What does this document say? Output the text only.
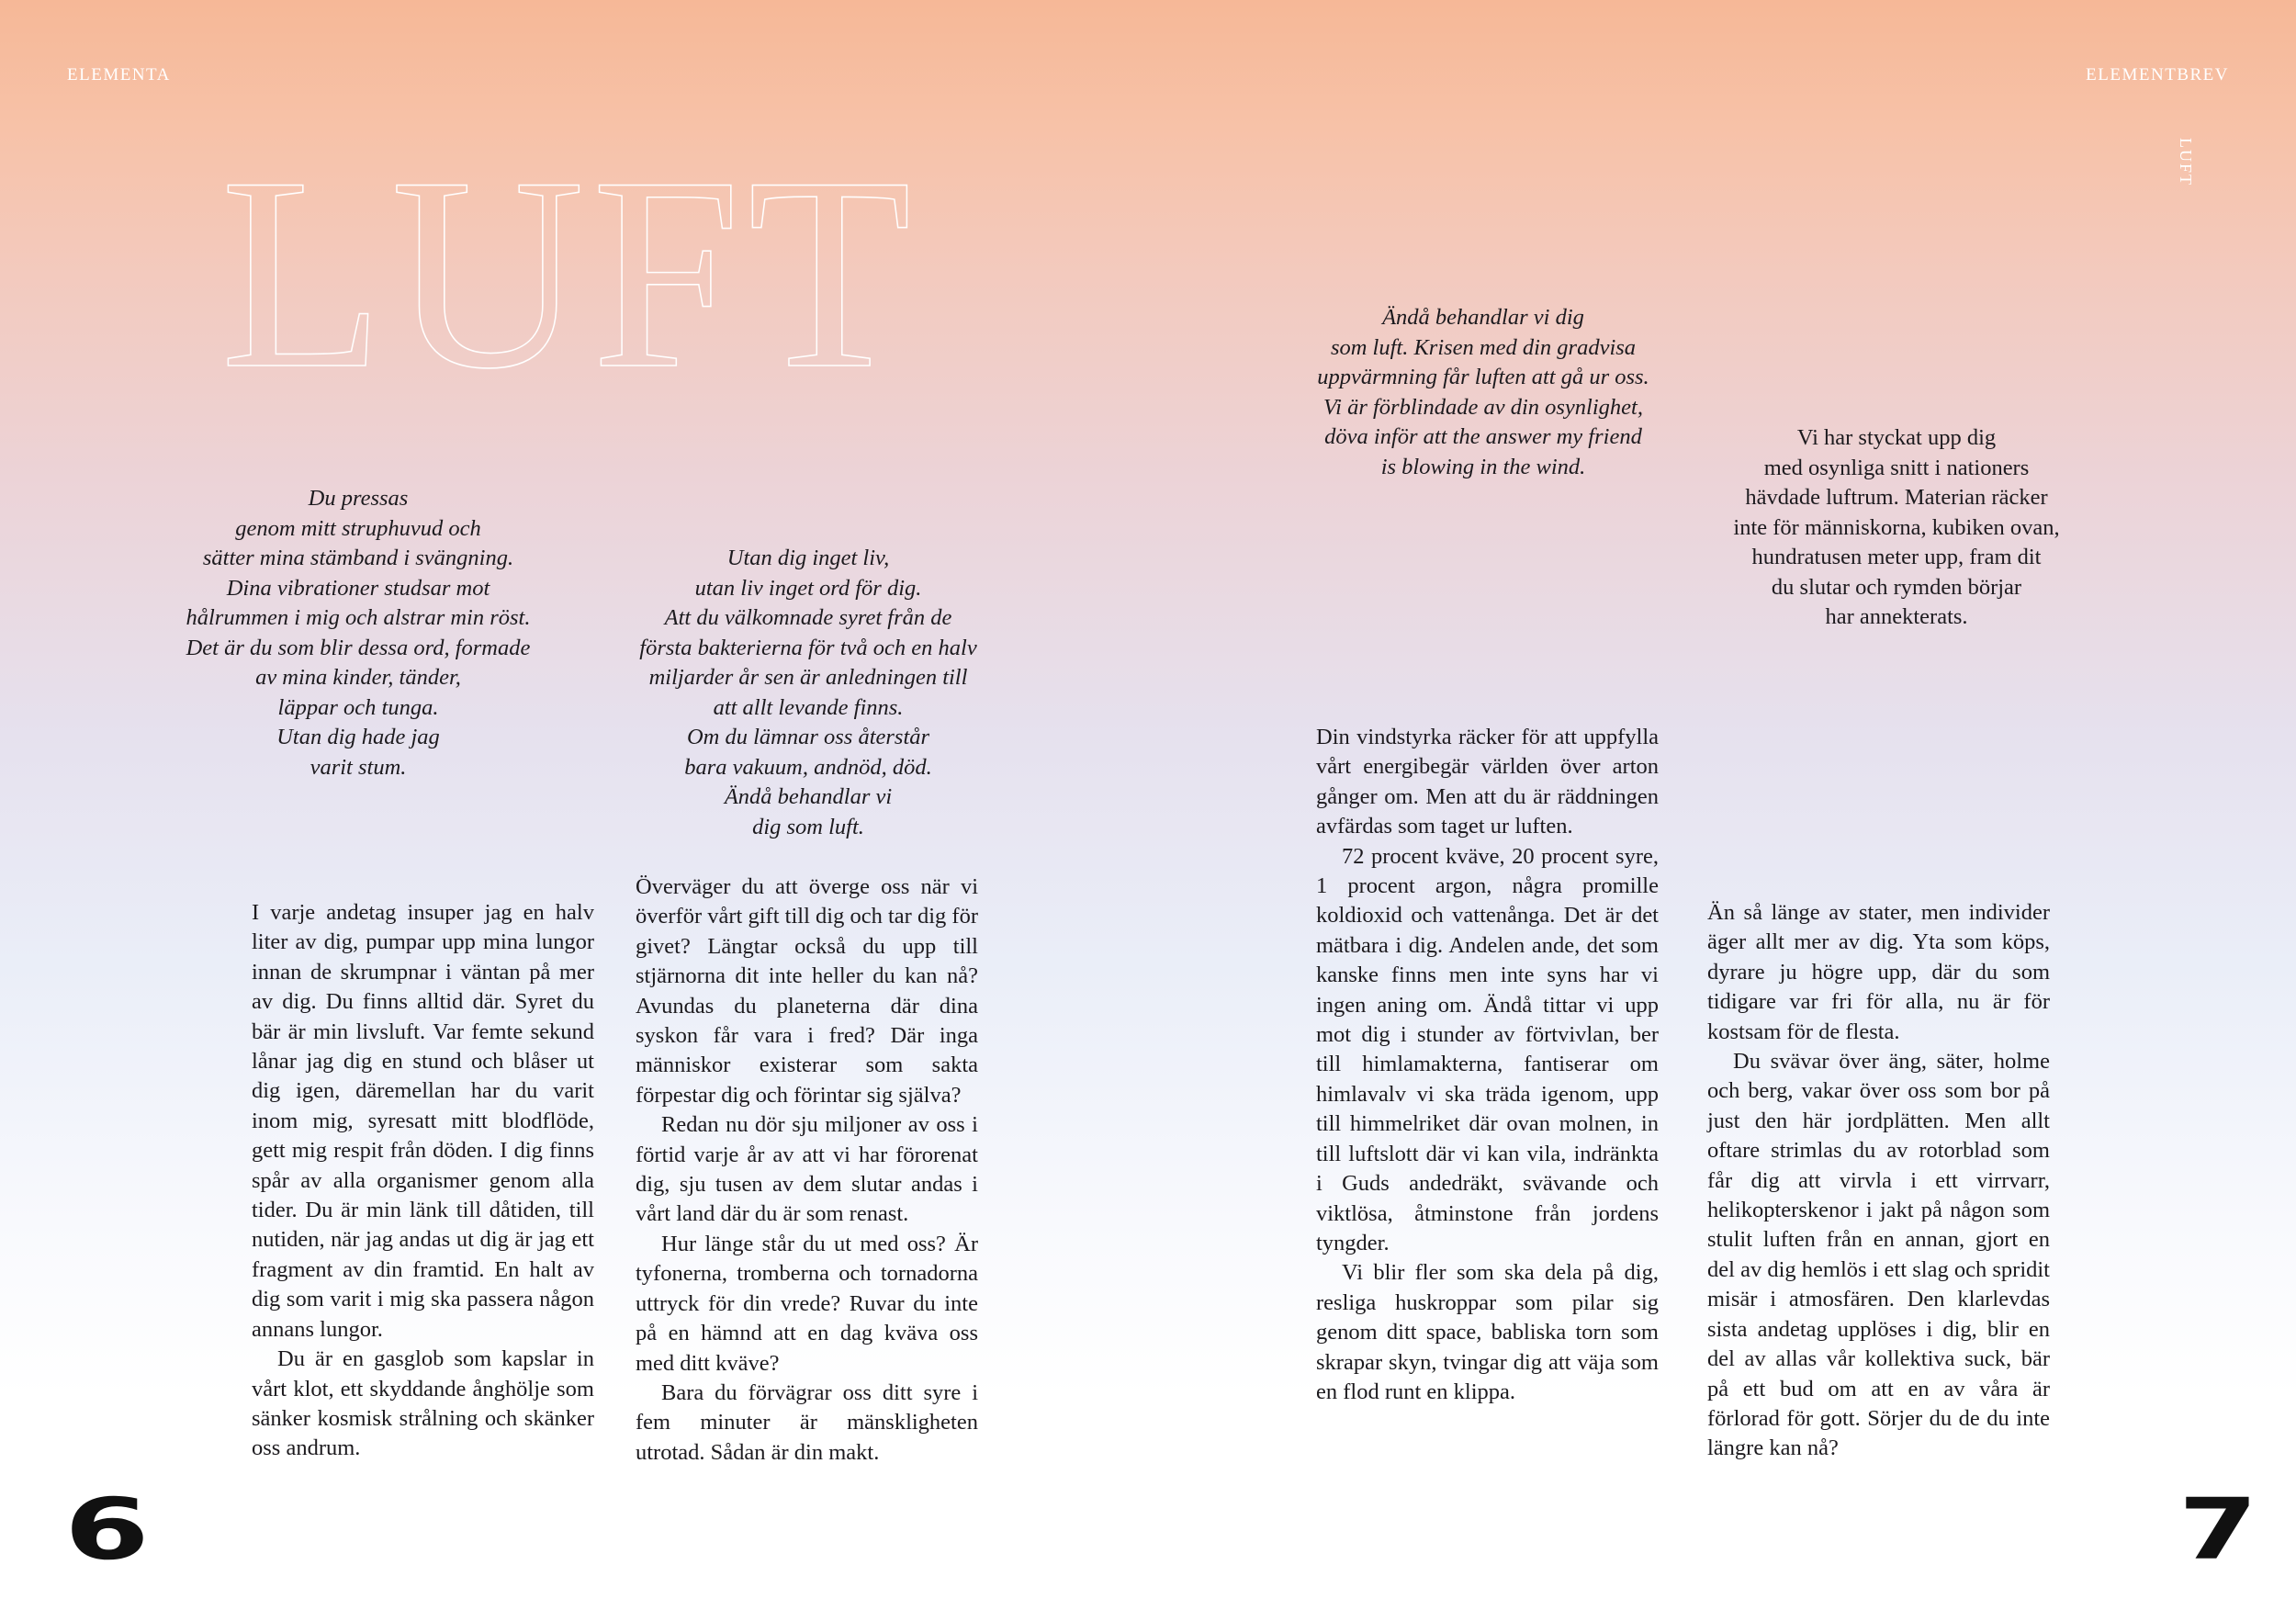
ELEMENTA	ELEMENTBREV
LUFT
LUFT
Du pressas
genom mitt struphuvud och
sätter mina stämband i svängning.
Dina vibrationer studsar mot
hålrummen i mig och alstrar min röst.
Det är du som blir dessa ord, formade
av mina kinder, tänder,
läppar och tunga.
Utan dig hade jag
varit stum.
Utan dig inget liv,
utan liv inget ord för dig.
Att du välkomnade syret från de
första bakterierna för två och en halv
miljarder år sen är anledningen till
att allt levande finns.
Om du lämnar oss återstår
bara vakuum, andnöd, död.
Ändå behandlar vi
dig som luft.
Ändå behandlar vi dig
som luft. Krisen med din gradvisa
uppvärmning får luften att gå ur oss.
Vi är förblindade av din osynlighet,
döva inför att the answer my friend
is blowing in the wind.
Vi har styckat upp dig
med osynliga snitt i nationers
hävdade luftrum. Materian räcker
inte för människorna, kubiken ovan,
hundratusen meter upp, fram dit
du slutar och rymden börjar
har annekterats.

I varje andetag insuper jag en halv liter av dig, pumpar upp mina lungor innan de skrumpnar i väntan på mer av dig. Du finns alltid där. Syret du bär är min livsluft. Var femte sekund lånar jag dig en stund och blåser ut dig igen, däremellan har du varit inom mig, syresatt mitt blodflöde, gett mig respit från döden. I dig finns spår av alla organismer genom alla tider. Du är min länk till dåtiden, till nutiden, när jag andas ut dig är jag ett fragment av din framtid. En halt av dig som varit i mig ska passera någon annans lungor.

Du är en gasglob som kapslar in vårt klot, ett skyddande ånghölje som sänker kosmisk strålning och skänker oss andrum.

Överväger du att överge oss när vi överför vårt gift till dig och tar dig för givet? Längtar också du upp till stjärnorna dit inte heller du kan nå? Avundas du planeterna där dina syskon får vara i fred? Där inga människor existerar som sakta förpestar dig och förintar sig själva?

Redan nu dör sju miljoner av oss i förtid varje år av att vi har förorenat dig, sju tusen av dem slutar andas i vårt land där du är som renast.

Hur länge står du ut med oss? Är tyfonerna, tromberna och tornadorna uttryck för din vrede? Ruvar du inte på en hämnd att en dag kväva oss med ditt kväve?

Bara du förvägrar oss ditt syre i fem minuter är mänskligheten utrotad. Sådan är din makt.

Din vindstyrka räcker för att uppfylla vårt energibegär världen över arton gånger om. Men att du är räddningen avfärdas som taget ur luften.

72 procent kväve, 20 procent syre, 1 procent argon, några promille koldioxid och vattenånga. Det är det mätbara i dig. Andelen ande, det som kanske finns men inte syns har vi ingen aning om. Ändå tittar vi upp mot dig i stunder av förtvivlan, ber till himlamakterna, fantiserar om himlavalv vi ska träda igenom, upp till himmelriket där ovan molnen, in till luftslott där vi kan vila, indränkta i Guds andedräkt, svävande och viktlösa, åtminstone från jordens tyngder.

Vi blir fler som ska dela på dig, resliga huskroppar som pilar sig genom ditt space, babliska torn som skrapar skyn, tvingar dig att väja som en flod runt en klippa.

Än så länge av stater, men individer äger allt mer av dig. Yta som köps, dyrare ju högre upp, där du som tidigare var fri för alla, nu är för kostsam för de flesta.

Du svävar över äng, säter, holme och berg, vakar över oss som bor på just den här jordplätten. Men allt oftare strimlas du av rotorblad som får dig att virvla i ett virrvarr, helikopterskenor i jakt på någon som stulit luften från en annan, gjort en del av dig hemlös i ett slag och spridit misär i atmosfären. Den klarlevdas sista andetag upplöses i dig, blir en del av allas vår kollektiva suck, bär på ett bud om att en av våra är förlorad för gott. Sörjer du de du inte längre kan nå?

6	7
